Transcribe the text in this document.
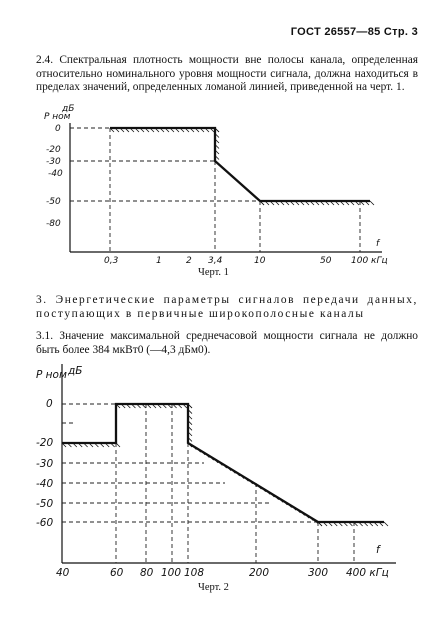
ГОСТ 26557—85 Стр. 3
2.4. Спектральная плотность мощности вне полосы канала, определенная относительно номинального уровня мощности сигнала, должна находиться в пределах значений, определенных ломаной линией, приведенной на черт. 1.
P ном
дБ
0
-20
-30
-40
-50
-80
f
0,3	1	2 3,4	10	50 100 кГц
Черт. 1
3. Энергетические параметры сигналов передачи данных, поступающих в первичные широкополосные каналы
3.1. Значение максимальной среднечасовой мощности сигнала не должно быть более 384 мкВт0 (—4,3 дБм0).
P ном дБ
0
-20
-30
-40
-50
-60
f
40	60 80 100 108	200	300 400 кГц
Черт. 2
